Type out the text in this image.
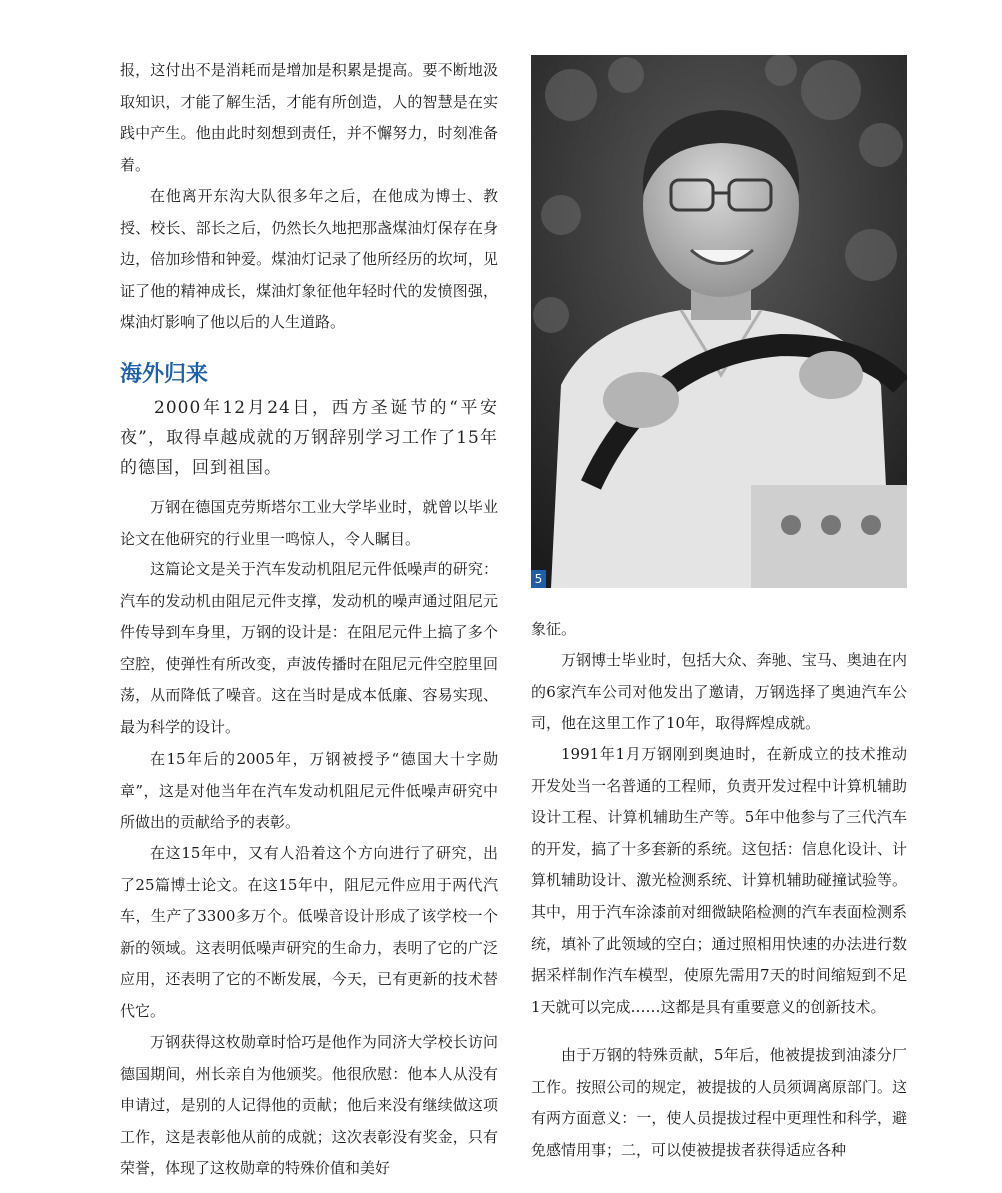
报，这付出不是消耗而是增加是积累是提高。要不断地汲取知识，才能了解生活，才能有所创造，人的智慧是在实践中产生。他由此时刻想到责任，并不懈努力，时刻准备着。

在他离开东沟大队很多年之后，在他成为博士、教授、校长、部长之后，仍然长久地把那盏煤油灯保存在身边，倍加珍惜和钟爱。煤油灯记录了他所经历的坎坷，见证了他的精神成长，煤油灯象征他年轻时代的发愤图强，煤油灯影响了他以后的人生道路。

海外归来

2000年12月24日，西方圣诞节的“平安夜”，取得卓越成就的万钢辞别学习工作了15年的德国，回到祖国。

万钢在德国克劳斯塔尔工业大学毕业时，就曾以毕业论文在他研究的行业里一鸣惊人，令人瞩目。

这篇论文是关于汽车发动机阻尼元件低噪声的研究：汽车的发动机由阻尼元件支撑，发动机的噪声通过阻尼元件传导到车身里，万钢的设计是：在阻尼元件上搞了多个空腔，使弹性有所改变，声波传播时在阻尼元件空腔里回荡，从而降低了噪音。这在当时是成本低廉、容易实现、最为科学的设计。

在15年后的2005年，万钢被授予“德国大十字勋章”，这是对他当年在汽车发动机阻尼元件低噪声研究中所做出的贡献给予的表彰。

在这15年中，又有人沿着这个方向进行了研究，出了25篇博士论文。在这15年中，阻尼元件应用于两代汽车，生产了3300多万个。低噪音设计形成了该学校一个新的领域。这表明低噪声研究的生命力，表明了它的广泛应用，还表明了它的不断发展，今天，已有更新的技术替代它。

万钢获得这枚勋章时恰巧是他作为同济大学校长访问德国期间，州长亲自为他颁奖。他很欣慰：他本人从没有申请过，是别的人记得他的贡献；他后来没有继续做这项工作，这是表彰他从前的成就；这次表彰没有奖金，只有荣誉，体现了这枚勋章的特殊价值和美好

5

象征。

万钢博士毕业时，包括大众、奔驰、宝马、奥迪在内的6家汽车公司对他发出了邀请，万钢选择了奥迪汽车公司，他在这里工作了10年，取得辉煌成就。

1991年1月万钢刚到奥迪时，在新成立的技术推动开发处当一名普通的工程师，负责开发过程中计算机辅助设计工程、计算机辅助生产等。5年中他参与了三代汽车的开发，搞了十多套新的系统。这包括：信息化设计、计算机辅助设计、激光检测系统、计算机辅助碰撞试验等。其中，用于汽车涂漆前对细微缺陷检测的汽车表面检测系统，填补了此领域的空白；通过照相用快速的办法进行数据采样制作汽车模型，使原先需用7天的时间缩短到不足1天就可以完成……这都是具有重要意义的创新技术。

由于万钢的特殊贡献，5年后，他被提拔到油漆分厂工作。按照公司的规定，被提拔的人员须调离原部门。这有两方面意义：一，使人员提拔过程中更理性和科学，避免感情用事；二，可以使被提拔者获得适应各种
